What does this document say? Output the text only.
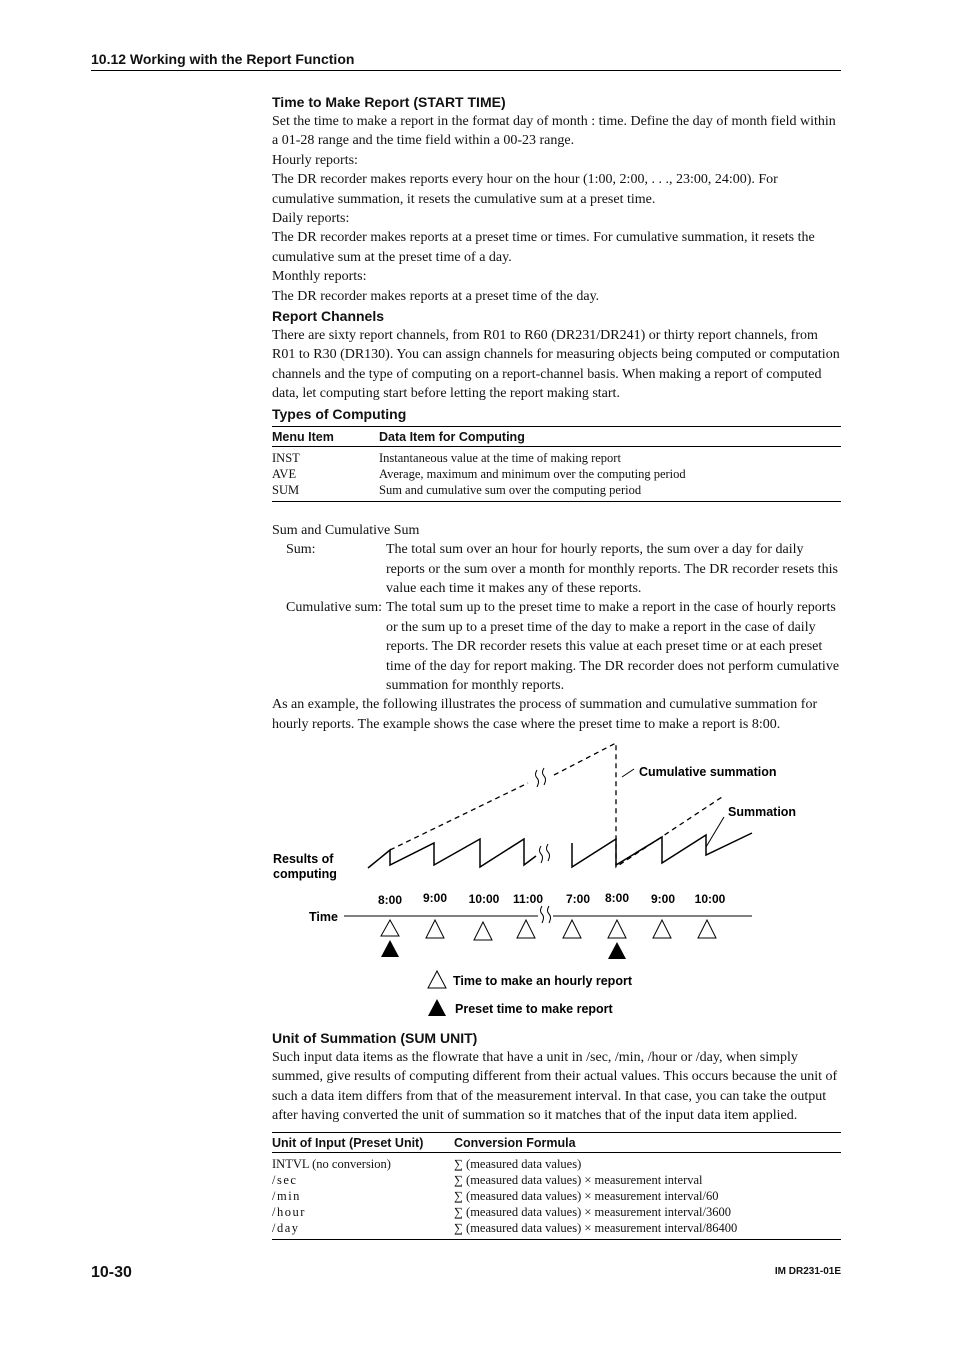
10.12 Working with the Report Function
Time to Make Report (START TIME)

Set the time to make a report in the format day of month : time. Define the day of month field within a 01-28 range and the time field within a 00-23 range.

Hourly reports:

The DR recorder makes reports every hour on the hour (1:00, 2:00, . . ., 23:00, 24:00). For cumulative summation, it resets the cumulative sum at a preset time.

Daily reports:

The DR recorder makes reports at a preset time or times. For cumulative summation, it resets the cumulative sum at the preset time of a day.

Monthly reports:

The DR recorder makes reports at a preset time of the day.

Report Channels

There are sixty report channels, from R01 to R60 (DR231/DR241) or thirty report channels, from R01 to R30 (DR130). You can assign channels for measuring objects being computed or computation channels and the type of computing on a report-channel basis. When making a report of computed data, let computing start before letting the report making start.

Types of Computing
Menu Item	Data Item for Computing
INST	Instantaneous value at the time of making report
AVE	Average, maximum and minimum over the computing period
SUM	Sum and cumulative sum over the computing period

Sum and Cumulative Sum

Sum:	The total sum over an hour for hourly reports, the sum over a day for daily reports or the sum over a month for monthly reports. The DR recorder resets this value each time it makes any of these reports.
Cumulative sum: The total sum up to the preset time to make a report in the case of hourly reports or the sum up to a preset time of the day to make a report in the case of daily reports. The DR recorder resets this value at each preset time or at each preset time of the day for report making. The DR recorder does not perform cumulative summation for monthly reports.

As an example, the following illustrates the process of summation and cumulative summation for hourly reports. The example shows the case where the preset time to make a report is 8:00.

Cumulative summation
Summation
Results of
computing
Time
8:00 9:00 10:00 11:00 7:00 8:00 9:00 10:00
Time to make an hourly report
Preset time to make report
Unit of Summation (SUM UNIT)

Such input data items as the flowrate that have a unit in /sec, /min, /hour or /day, when simply summed, give results of computing different from their actual values. This occurs because the unit of such a data item differs from that of the measurement interval. In that case, you can take the output after having converted the unit of summation so it matches that of the input data item applied.

Unit of Input (Preset Unit)	Conversion Formula
INTVL (no conversion)	∑ (measured data values)
/sec	∑ (measured data values) × measurement interval
/min	∑ (measured data values) × measurement interval/60
/hour	∑ (measured data values) × measurement interval/3600
/day	∑ (measured data values) × measurement interval/86400
10-30	IM DR231-01E
